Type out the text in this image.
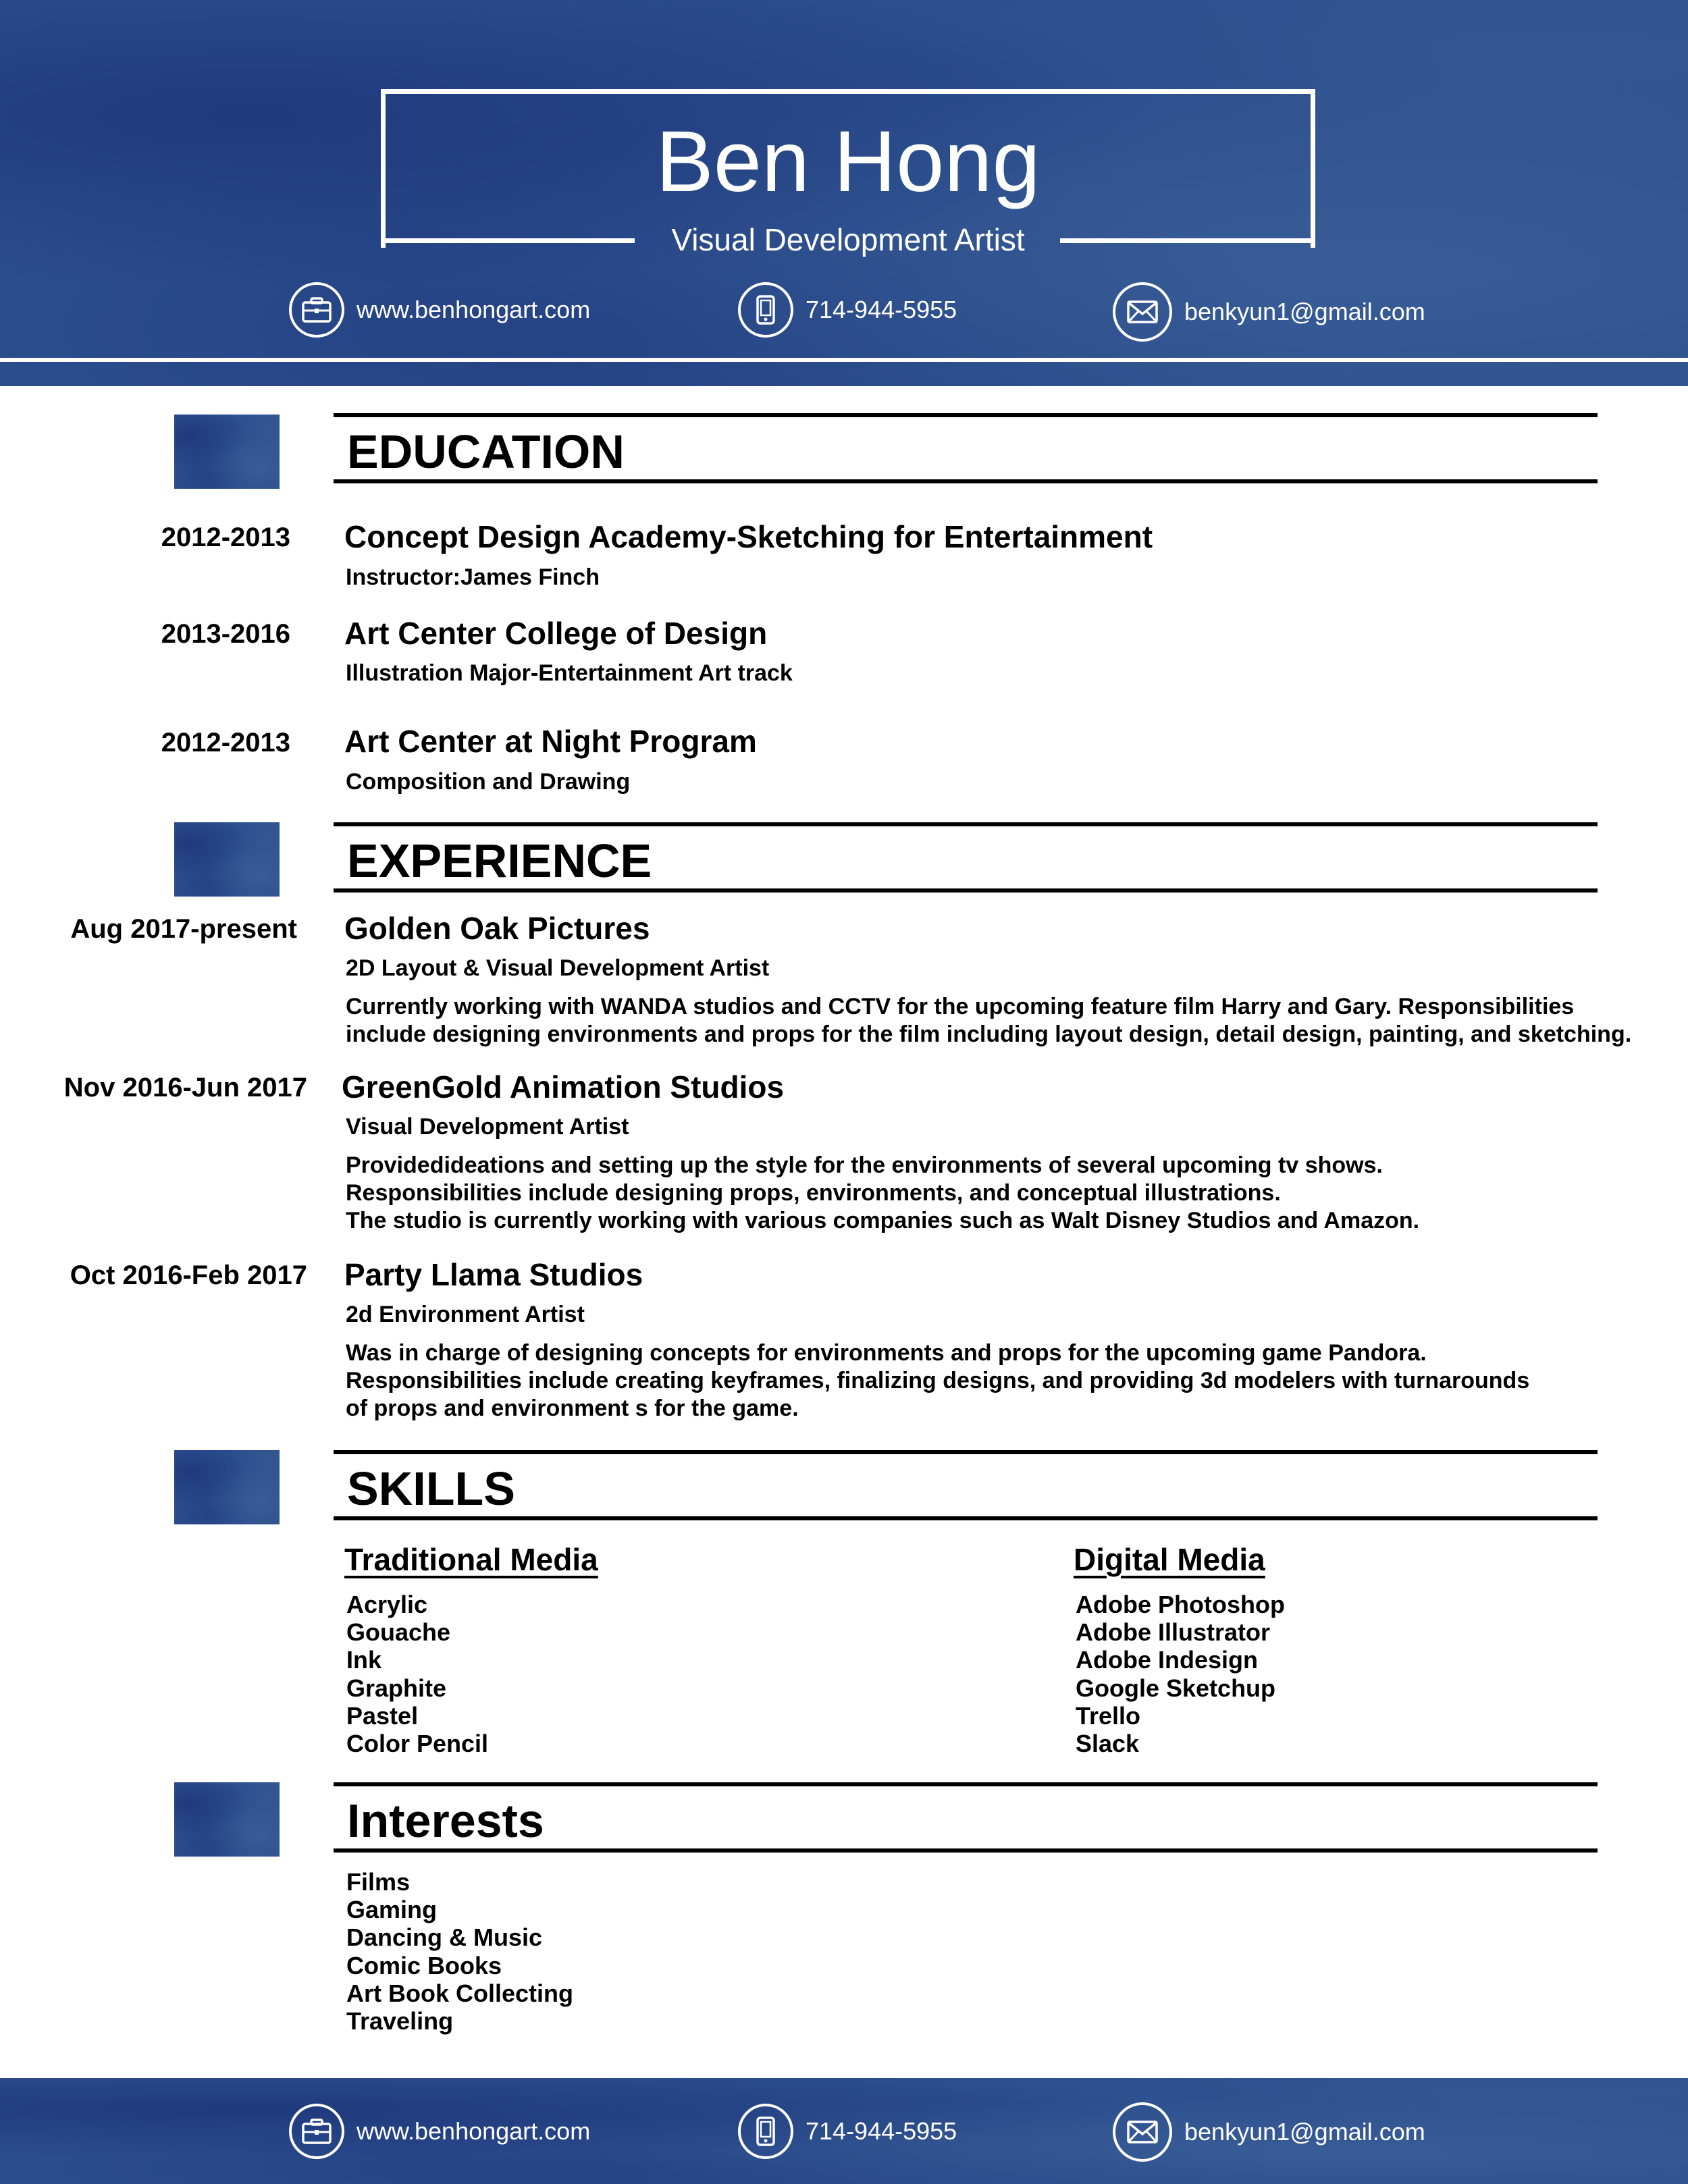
Ben Hong
Visual Development Artist
www.benhongart.com	714-944-5955	benkyun1@gmail.com
EDUCATION
2012-2013 Concept Design Academy-Sketching for Entertainment
Instructor:James Finch
2013-2016 Art Center College of Design
Illustration Major-Entertainment Art track
2012-2013 Art Center at Night Program
Composition and Drawing
EXPERIENCE
Aug 2017-present Golden Oak Pictures
2D Layout & Visual Development Artist
Currently working with WANDA studios and CCTV for the upcoming feature film Harry and Gary. Responsibilities
include designing environments and props for the film including layout design, detail design, painting, and sketching.
Nov 2016-Jun 2017 GreenGold Animation Studios
Visual Development Artist
Providedideations and setting up the style for the environments of several upcoming tv shows.
Responsibilities include designing props, environments, and conceptual illustrations.
The studio is currently working with various companies such as Walt Disney Studios and Amazon.
Oct 2016-Feb 2017 Party Llama Studios
2d Environment Artist
Was in charge of designing concepts for environments and props for the upcoming game Pandora.
Responsibilities include creating keyframes, finalizing designs, and providing 3d modelers with turnarounds
of props and environment s for the game.
SKILLS
Traditional Media
Acrylic
Gouache
Ink
Graphite
Pastel
Color Pencil
Digital Media
Adobe Photoshop
Adobe Illustrator
Adobe Indesign
Google Sketchup
Trello
Slack
Interests
Films
Gaming
Dancing & Music
Comic Books
Art Book Collecting
Traveling
www.benhongart.com	714-944-5955	benkyun1@gmail.com
